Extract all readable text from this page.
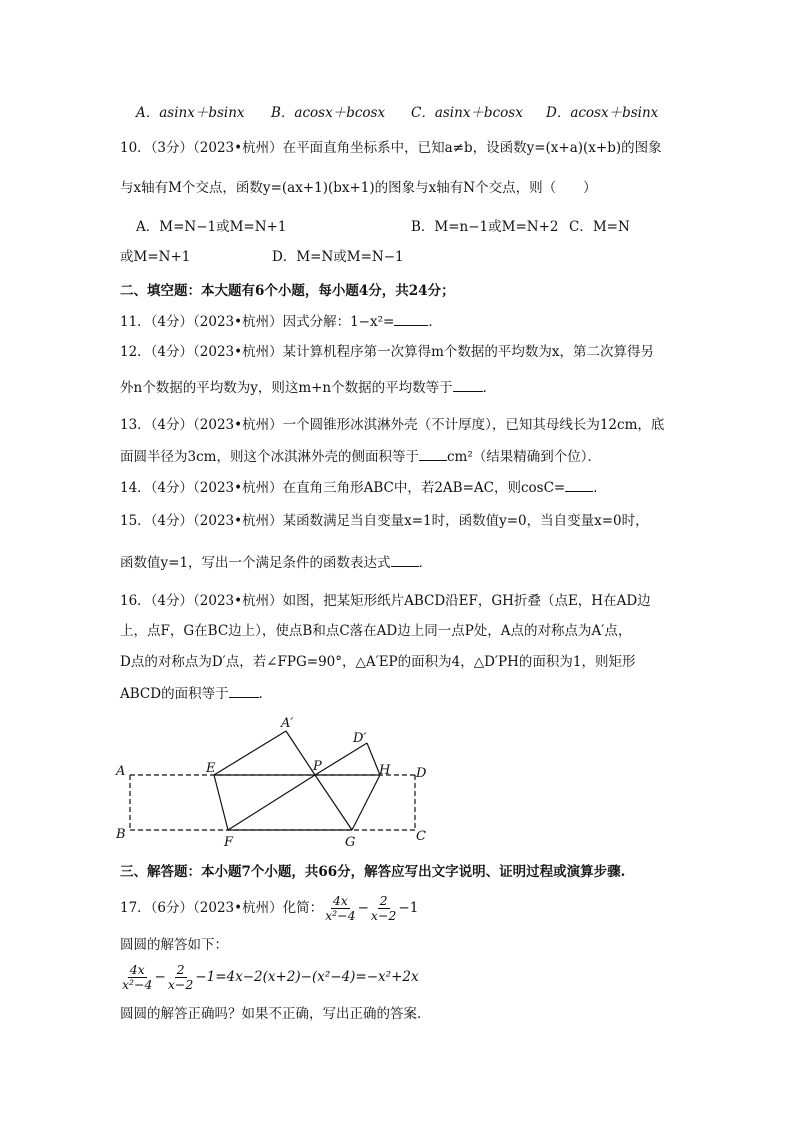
A．asinx＋bsinx B．acosx＋bcosx C．asinx＋bcosx D．acosx＋bsinx
10．（3分）（2023•杭州）在平面直角坐标系中，已知a≠b，设函数y=(x+a)(x+b)的图象
与x轴有M个交点，函数y=(ax+1)(bx+1)的图象与x轴有N个交点，则（　　）
A．M=N−1或M=N+1	B．M=n−1或M=N+2 C．M=N
或M=N+1	D．M=N或M=N−1
二、填空题：本大题有6个小题，每小题4分，共24分；
11．（4分）（2023•杭州）因式分解：1−x²=	．
12．（4分）（2023•杭州）某计算机程序第一次算得m个数据的平均数为x，第二次算得另
外n个数据的平均数为y，则这m+n个数据的平均数等于 ．
13．（4分）（2023•杭州）一个圆锥形冰淇淋外壳（不计厚度），已知其母线长为12cm，底
面圆半径为3cm，则这个冰淇淋外壳的侧面积等于 cm²（结果精确到个位）．
14．（4分）（2023•杭州）在直角三角形ABC中，若2AB=AC，则cosC= ．
15．（4分）（2023•杭州）某函数满足当自变量x=1时，函数值y=0，当自变量x=0时，
函数值y=1，写出一个满足条件的函数表达式 ．
16．（4分）（2023•杭州）如图，把某矩形纸片ABCD沿EF，GH折叠（点E，H在AD边
上，点F，G在BC边上），使点B和点C落在AD边上同一点P处，A点的对称点为A′点，
D点的对称点为D′点，若∠FPG=90°，△A′EP的面积为4，△D′PH的面积为1，则矩形
ABCD的面积等于 ．
A
B	C
D
E
F	G
H
P
A′
D′
三、解答题：本小题7个小题，共66分，解答应写出文字说明、证明过程或演算步骤.
17．（6分）（2023•杭州）化简： $\frac{4x}{\text{x²−4}} - \frac{2}{x-2} -1$
圆圆的解答如下：
$\frac{4x}{\text{x²−4}} - \frac{2}{x-2} -1=4x-2(x+2)-(x^2-4)=-x^2+2x$
圆圆的解答正确吗？如果不正确，写出正确的答案．
